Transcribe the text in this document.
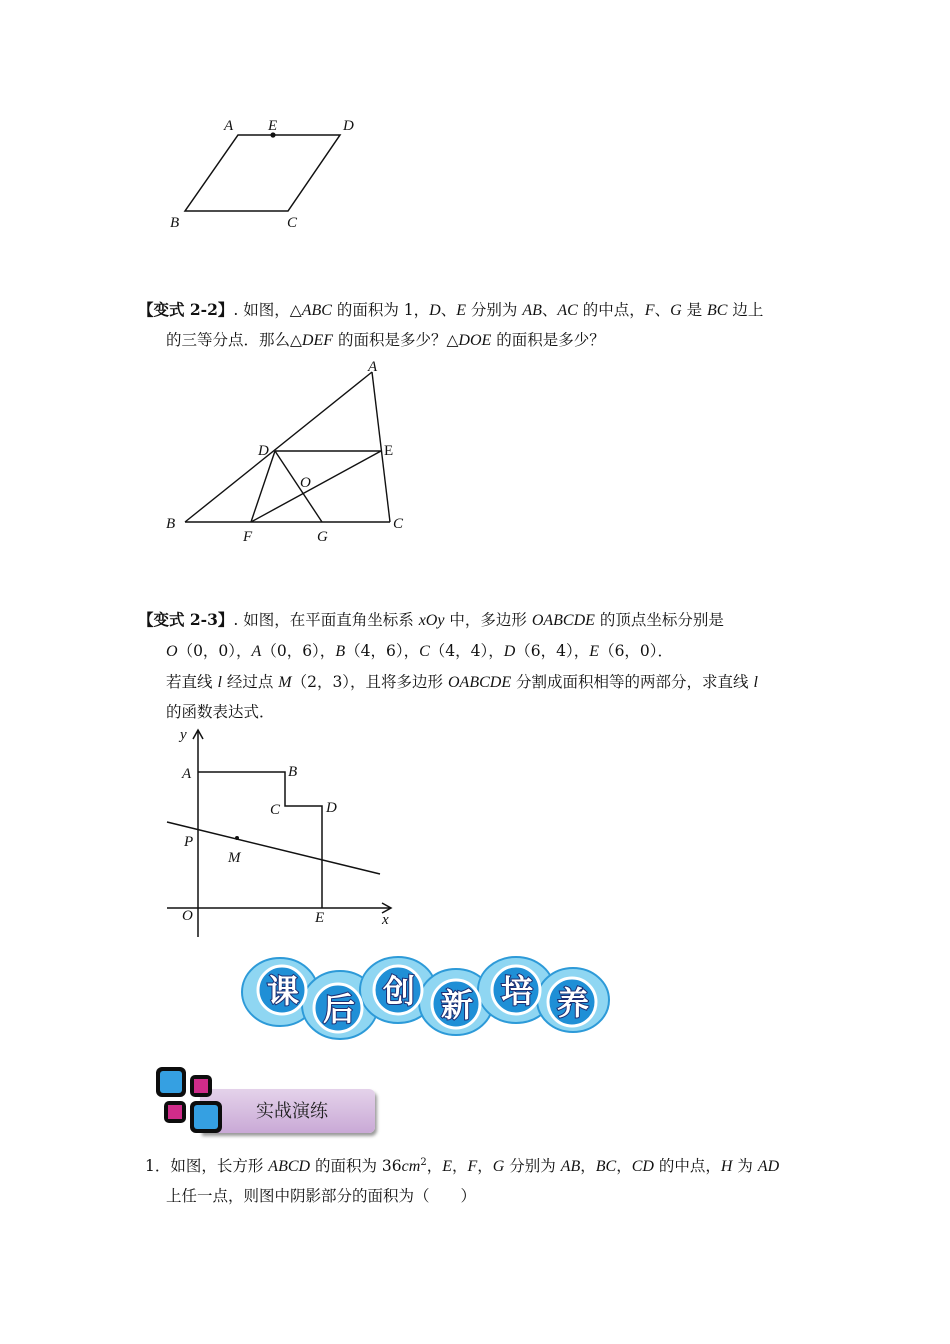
A E	D
B	C
【变式 2-2】. 如图，△ABC 的面积为 1，D、E 分别为 AB、AC 的中点，F、G 是 BC 边上
的三等分点．那么△DEF 的面积是多少？△DOE 的面积是多少？
A
D	E
O
B	C
F	G
【变式 2-3】. 如图，在平面直角坐标系 xOy 中，多边形 OABCDE 的顶点坐标分别是
O（0，0），A（0，6），B（4，6），C（4，4），D（6，4），E（6，0）．
若直线 l 经过点 M（2，3），且将多边形 OABCDE 分割成面积相等的两部分，求直线 l
的函数表达式．
y
x
A	B
C	D
P
M
O	E
课 后 创 新 培 养
实战演练
1．如图，长方形 ABCD 的面积为 $36cm^2$，E，F，G 分别为 AB，BC，CD 的中点，H 为 AD
上任一点，则图中阴影部分的面积为（　　）
